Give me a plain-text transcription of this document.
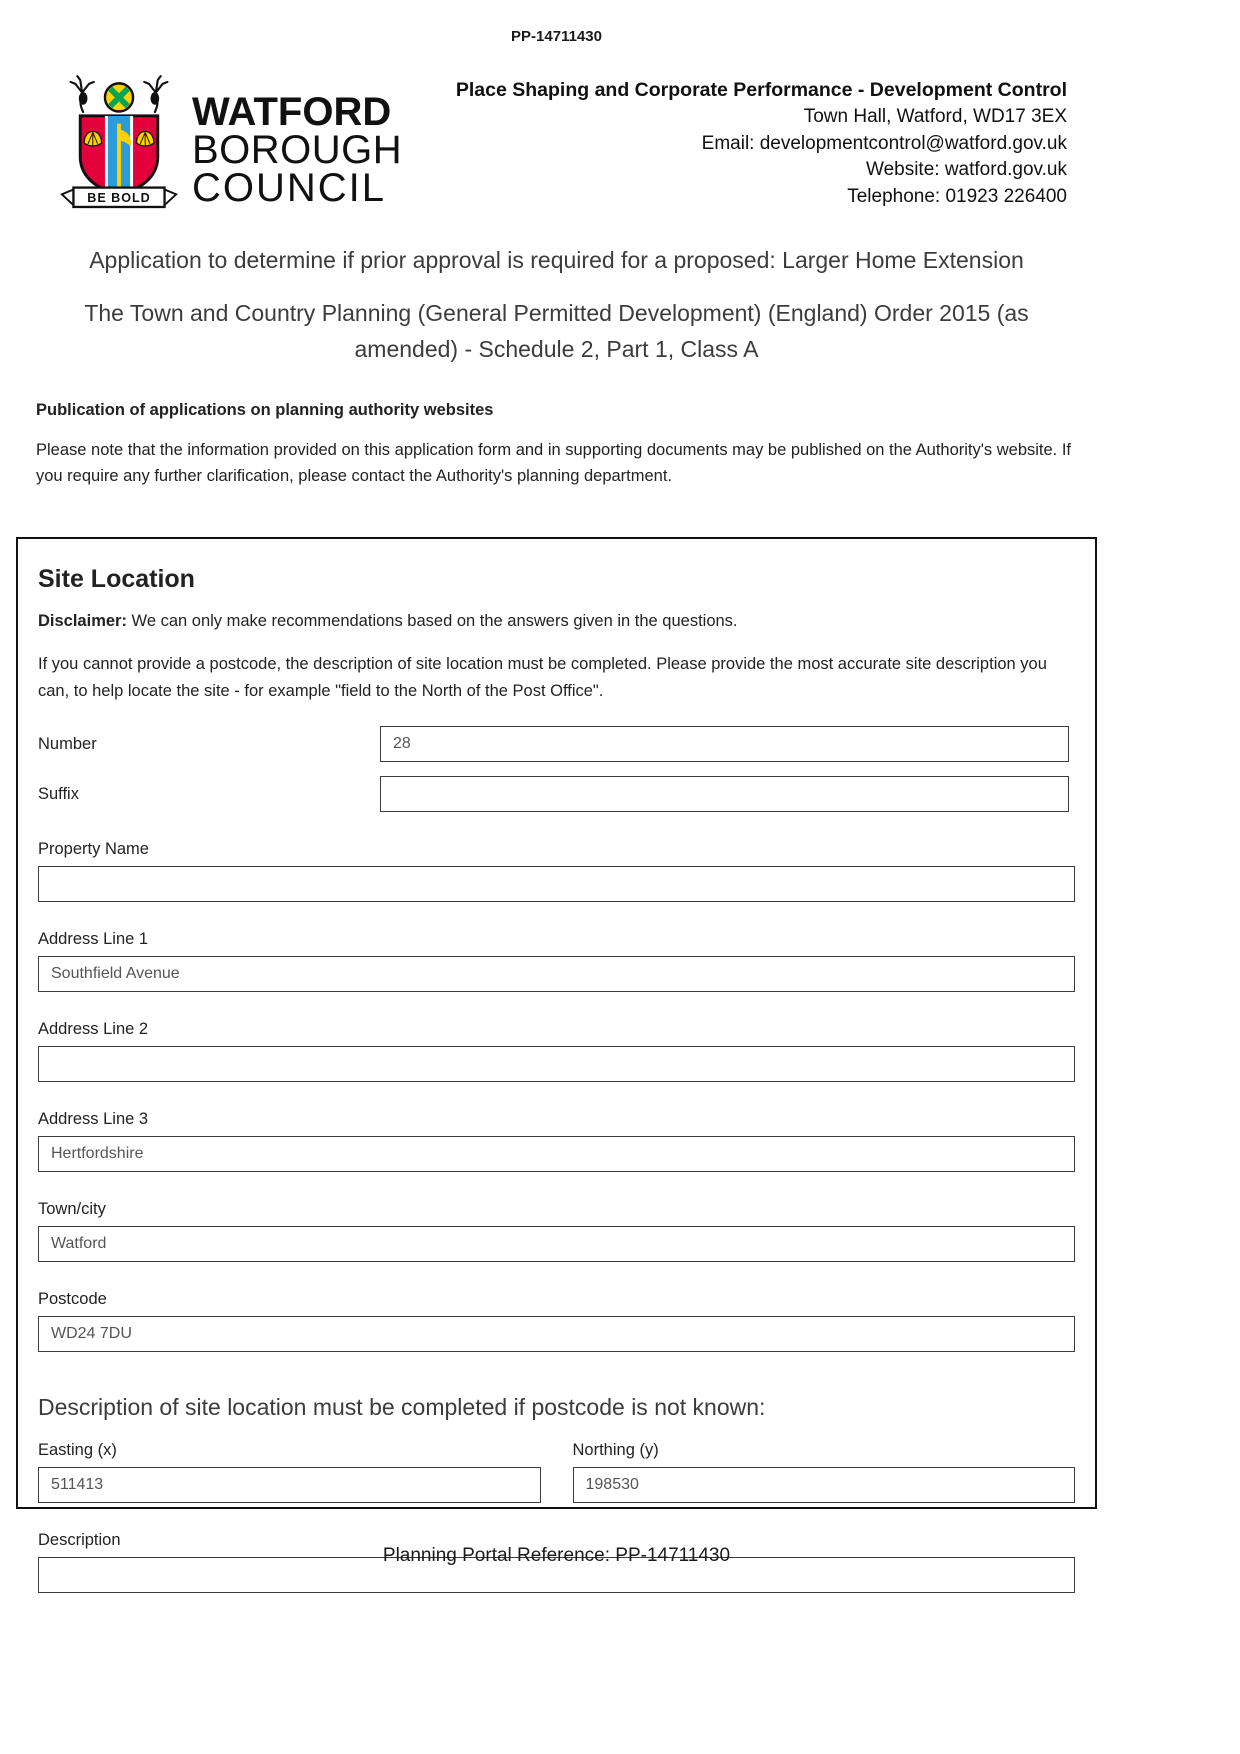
PP-14711430
BE BOLD
WATFORD
BOROUGH
COUNCIL
Place Shaping and Corporate Performance - Development Control
Town Hall, Watford, WD17 3EX
Email: developmentcontrol@watford.gov.uk
Website: watford.gov.uk
Telephone: 01923 226400
Application to determine if prior approval is required for a proposed: Larger Home Extension
The Town and Country Planning (General Permitted Development) (England) Order 2015 (as amended) - Schedule 2, Part 1, Class A
Publication of applications on planning authority websites
Please note that the information provided on this application form and in supporting documents may be published on the Authority's website. If you require any further clarification, please contact the Authority's planning department.
Site Location
Disclaimer: We can only make recommendations based on the answers given in the questions.
If you cannot provide a postcode, the description of site location must be completed. Please provide the most accurate site description you can, to help locate the site - for example "field to the North of the Post Office".
Number
28
Suffix
Property Name
Address Line 1
Southfield Avenue
Address Line 2
Address Line 3
Hertfordshire
Town/city
Watford
Postcode
WD24 7DU
Description of site location must be completed if postcode is not known:
Easting (x)
511413	Northing (y)
198530
Description
Planning Portal Reference: PP-14711430
